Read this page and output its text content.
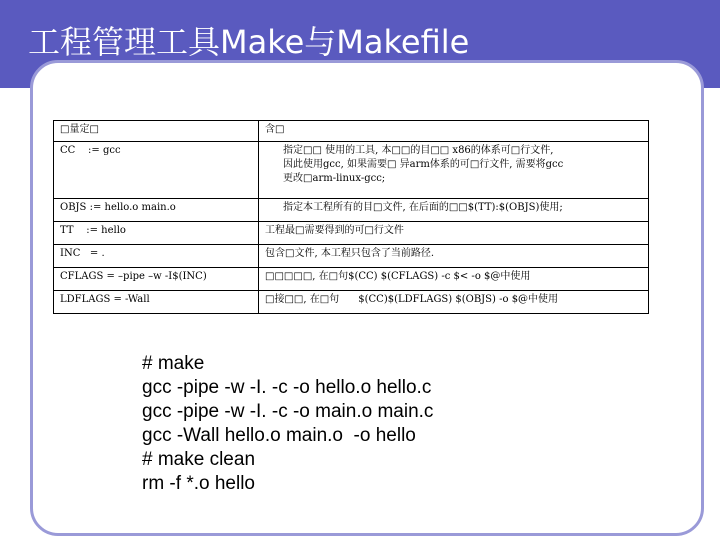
工程管理工具Make与Makefile
□量定□	含□
CC := gcc	指定□□ 使用的工具, 本□□的目□□ x86的体系可□行文件,
因此使用gcc, 如果需要□ 异arm体系的可□行文件, 需要将gcc
更改□arm-linux-gcc;

OBJS := hello.o main.o	指定本工程所有的目□文件, 在后面的□□$(TT):$(OBJS)使用;

TT := hello	工程最□需要得到的可□行文件

INC = .	包含□文件, 本工程只包含了当前路径.

CFLAGS = –pipe –w -I$(INC)	□□□□□, 在□句$(CC) $(CFLAGS) -c $< -o $@中使用

LDFLAGS = -Wall	□接□□, 在□句      $(CC)$(LDFLAGS) $(OBJS) -o $@中使用
# make
gcc -pipe -w -I. -c -o hello.o hello.c
gcc -pipe -w -I. -c -o main.o main.c
gcc -Wall hello.o main.o  -o hello
# make clean
rm -f *.o hello
